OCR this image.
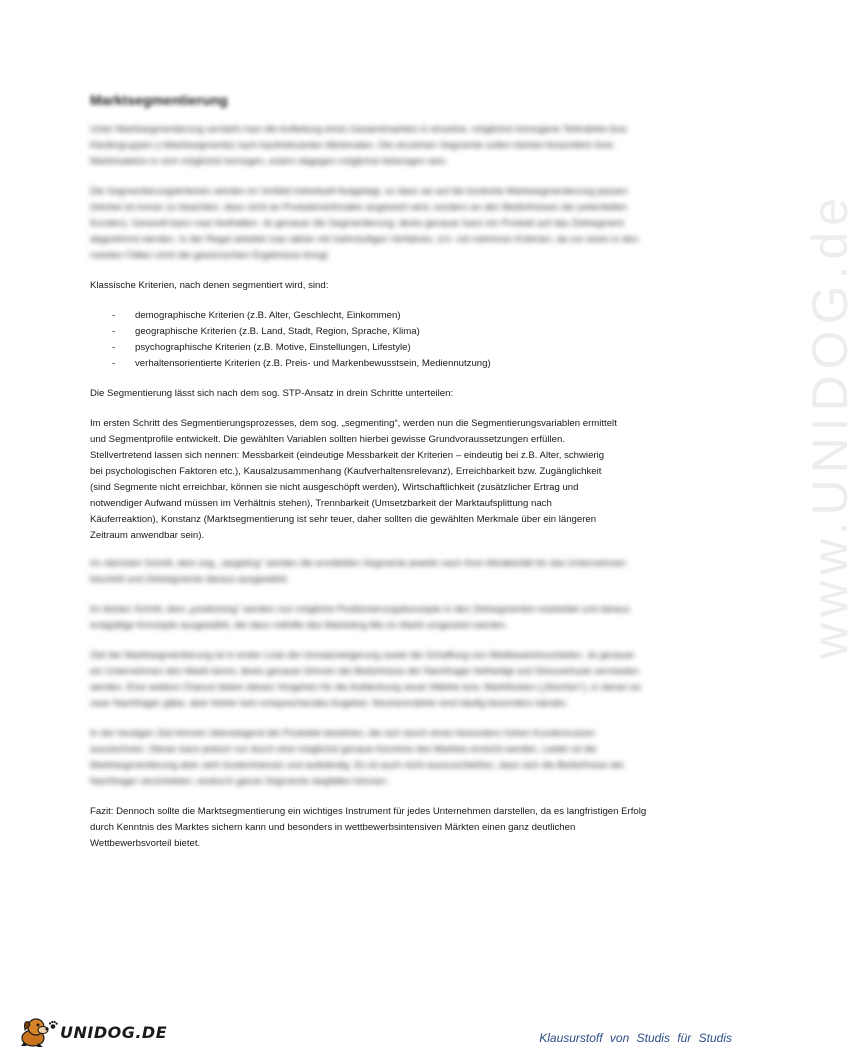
www.UNIDOG.de
Marktsegmentierung

Unter Marktsegmentierung versteht man die Aufteilung eines Gesamtmarktes in einzelne, möglichst homogene Teilmärkte bzw. Käufergruppen (=Marktsegmente) nach kaufrelevanten Merkmalen. Die einzelnen Segmente sollen hierbei hinsichtlich ihrer Marktreaktion in sich möglichst homogen, extern dagegen möglichst heterogen sein.

Die Segmentierungskriterien werden im Vorfeld individuell festgelegt, so dass sie auf die konkrete Marktsegmentierung passen (hierbei ist immer zu beachten, dass nicht an Produktmerkmalen angesetzt wird, sondern an den Bedürfnissen der potentiellen Kunden). Generell kann man festhalten: Je genauer die Segmentierung, desto genauer kann ein Produkt auf das Zielsegment abgestimmt werden. In der Regel arbeitet man daher mit mehrstufigen Verfahren, d.h. mit mehreren Kriterien, da nur eines in den meisten Fällen nicht die gewünschten Ergebnisse bringt.

Klassische Kriterien, nach denen segmentiert wird, sind:

- demographische Kriterien (z.B. Alter, Geschlecht, Einkommen)
- geographische Kriterien (z.B. Land, Stadt, Region, Sprache, Klima)
- psychographische Kriterien (z.B. Motive, Einstellungen, Lifestyle)
- verhaltensorientierte Kriterien (z.B. Preis- und Markenbewusstsein, Mediennutzung)

Die Segmentierung lässt sich nach dem sog. STP-Ansatz in drein Schritte unterteilen:

Im ersten Schritt des Segmentierungsprozesses, dem sog. „segmenting“, werden nun die Segmentierungsvariablen ermittelt
und Segmentprofile entwickelt. Die gewählten Variablen sollten hierbei gewisse Grundvoraussetzungen erfüllen.
Stellvertretend lassen sich nennen: Messbarkeit (eindeutige Messbarkeit der Kriterien – eindeutig bei z.B. Alter, schwierig
bei psychologischen Faktoren etc.), Kausalzusammenhang (Kaufverhaltensrelevanz), Erreichbarkeit bzw. Zugänglichkeit
(sind Segmente nicht erreichbar, können sie nicht ausgeschöpft werden), Wirtschaftlichkeit (zusätzlicher Ertrag und
notwendiger Aufwand müssen im Verhältnis stehen), Trennbarkeit (Umsetzbarkeit der Marktaufsplittung nach
Käuferreaktion), Konstanz (Marktsegmentierung ist sehr teuer, daher sollten die gewählten Merkmale über ein längeren
Zeitraum anwendbar sein).

Im nächsten Schritt, dem sog. „targeting“ werden die ermittelten Segmente jeweils nach ihrer Attraktivität für das Unternehmen beurteilt und Zielsegmente daraus ausgewählt.

Im letzten Schritt, dem „positioning“ werden nun mögliche Positionierungskonzepte in den Zielsegmenten erarbeitet und daraus endgültige Konzepte ausgewählt, die dann mithilfe des Marketing Mix im Markt umgesetzt werden.

Ziel der Marktsegmentierung ist in erster Linie die Umsatzsteigerung sowie die Schaffung von Wettbewerbsvorteilen. Je genauer ein Unternehmen den Markt kennt, desto genauer können die Bedürfnisse der Nachfrager befriedigt und Streuverluste vermieden werden. Eine weitere Chance bieten dieses Vorgehen für die Aufdeckung neuer Märkte bzw. Marktlücken („Nischen“), in denen es zwar Nachfrager gäbe, aber bisher kein entsprechendes Angebot. Nischenmärkte sind häufig besonders lukrativ.

In der heutigen Zeit können überwiegend die Produkte bestehen, die sich durch einen besonders hohen Kundennutzen auszeichnen. Dieser kann jedoch nur durch eine möglichst genaue Kenntnis des Marktes erreicht werden. Leider ist die Marktsegmentierung aber sehr kostenintensiv und aufwändig. Es ist auch nicht auszuschließen, dass sich die Bedürfnisse der Nachfrager verschieben, wodurch ganze Segmente wegfallen können.

Fazit: Dennoch sollte die Marktsegmentierung ein wichtiges Instrument für jedes Unternehmen darstellen, da es langfristigen Erfolg durch Kenntnis des Marktes sichern kann und besonders in wettbewerbsintensiven Märkten einen ganz deutlichen Wettbewerbsvorteil bietet.

UNIDOG.DE	Klausurstoff von Studis für Studis
